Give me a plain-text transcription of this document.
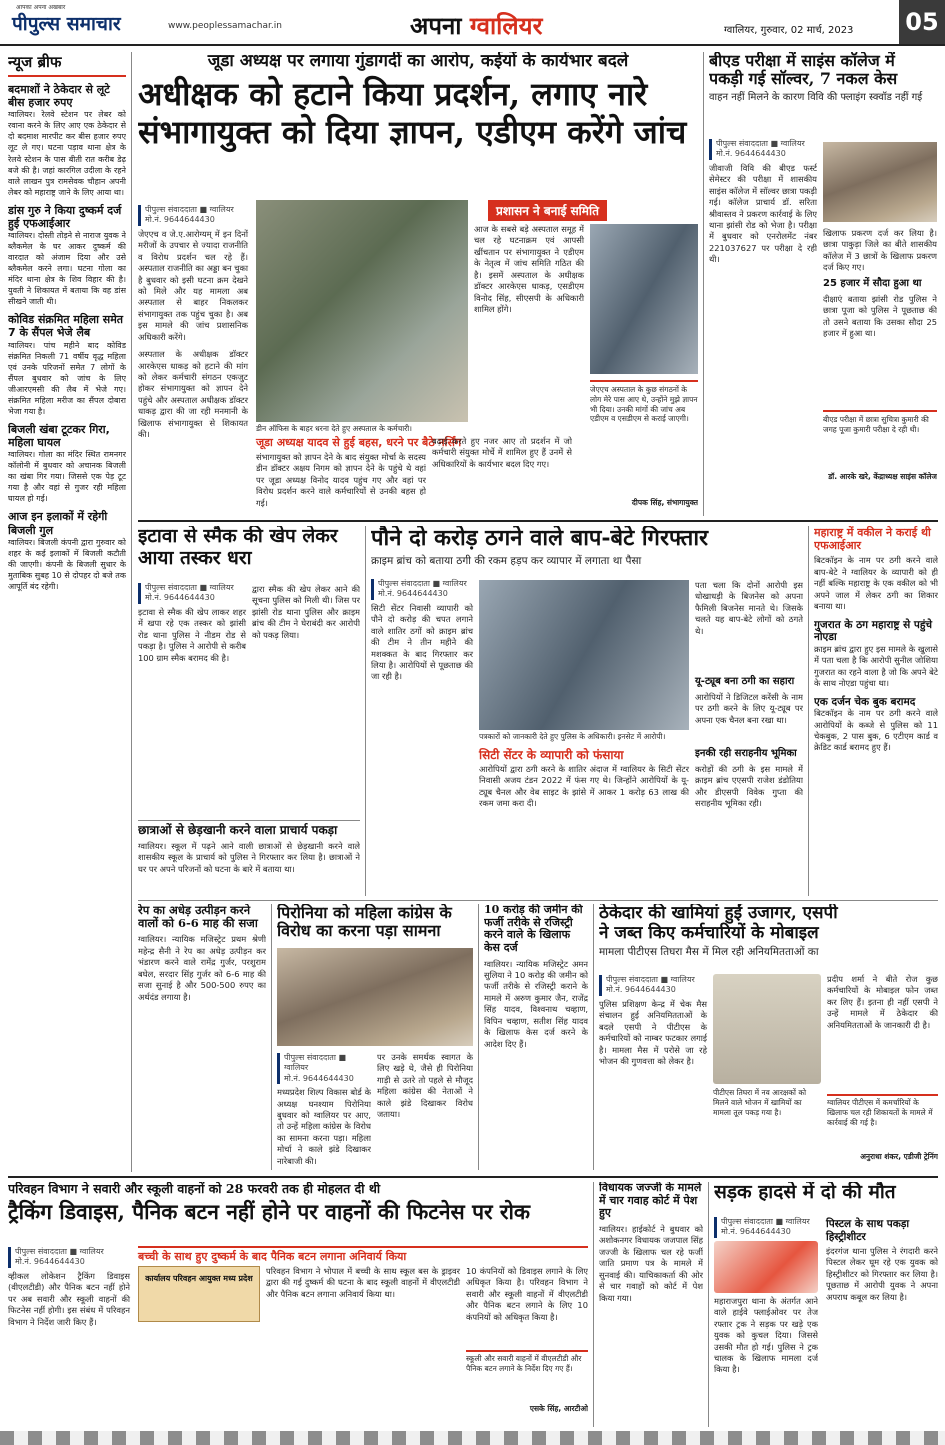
आपका अपना अखबार
पीपुल्स समाचार	www.peoplessamachar.in	अपना ग्वालियर	ग्वालियर, गुरुवार, 02 मार्च, 2023 05
न्यूज ब्रीफ
बदमाशों ने ठेकेदार से लूटे बीस हजार रुपए
ग्वालियर। रेलवे स्टेशन पर लेबर को रवाना करने के लिए आए एक ठेकेदार से दो बदमाश मारपीट कर बीस हजार रुपए लूट ले गए। घटना पड़ाव थाना क्षेत्र के रेलवे स्टेशन के पास बीती रात करीब डेढ़ बजे की है। जहां कारगिल उदीला के रहने वाले लाखन पुत्र रामसेवक चौहान अपनी लेबर को महाराष्ट्र जाने के लिए आया था।
डांस गुरु ने किया दुष्कर्म दर्ज हुई एफआईआर
ग्वालियर। दोस्ती तोड़ने से नाराज युवक ने ब्लैकमेल के घर आकर दुष्कर्म की वारदात को अंजाम दिया और उसे ब्लैकमेल करने लगा। घटना गोला का मंदिर थाना क्षेत्र के शिव विहार की है। युवती ने शिकायत में बताया कि वह डांस सीखने जाती थी।
कोविड संक्रमित महिला समेत 7 के सैंपल भेजे लैब
ग्वालियर। पांच महीने बाद कोविड संक्रमित निकली 71 वर्षीय वृद्ध महिला एवं उनके परिजनों समेत 7 लोगों के सैंपल बुधवार को जांच के लिए जीआरएमसी की लैब में भेजे गए। संक्रमित महिला मरीज का सैंपल दोबारा भेजा गया है।
बिजली खंबा टूटकर गिरा, महिला घायल
ग्वालियर। गोला का मंदिर स्थित रामनगर कॉलोनी में बुधवार को अचानक बिजली का खंबा गिर गया। जिससे एक पेड़ टूट गया है और वहां से गुजर रही महिला घायल हो गई।
आज इन इलाकों में रहेगी बिजली गुल
ग्वालियर। बिजली कंपनी द्वारा गुरुवार को शहर के कई इलाकों में बिजली कटौती की जाएगी। कंपनी के बिजली सुधार के मुताबिक सुबह 10 से दोपहर दो बजे तक आपूर्ति बंद रहेगी।
जूडा अध्यक्ष पर लगाया गुंडागर्दी का आरोप, कईयों के कार्यभार बदले
अधीक्षक को हटाने किया प्रदर्शन, लगाए नारे
संभागायुक्त को दिया ज्ञापन, एडीएम करेंगे जांच
पीपुल्स संवाददाता ■ ग्वालियर
मो.नं. 9644644430
जेएएच व जे.ए.आरोग्यम् में इन दिनों मरीजों के उपचार से ज्यादा राजनीति व विरोध प्रदर्शन चल रहे हैं। अस्पताल राजनीति का अड्डा बन चुका है बुधवार को इसी घटना क्रम देखने को मिले और यह मामला अब अस्पताल से बाहर निकलकर संभागायुक्त तक पहुंच चुका है। अब इस मामले की जांच प्रशासनिक अधिकारी करेंगे।
अस्पताल के अधीक्षक डॉक्टर आरकेएस धाकड़ को हटाने की मांग को लेकर कर्मचारी संगठन एकजुट होकर संभागायुक्त को ज्ञापन देने पहुंचे और अस्पताल अधीक्षक डॉक्टर धाकड़ द्वारा की जा रही मनमानी के खिलाफ संभागायुक्त से शिकायत की।
डीन ऑफिस के बाहर धरना देते हुए अस्पताल के कर्मचारी।
प्रशासन ने बनाई समिति
आज के सबसे बड़े अस्पताल समूह में चल रहे घटनाक्रम एवं आपसी खींचतान पर संभागायुक्त ने एडीएम के नेतृत्व में जांच समिति गठित की है। इसमें अस्पताल के अधीक्षक डॉक्टर आरकेएस धाकड़, एसडीएम विनोद सिंह, सीएसपी के अधिकारी शामिल होंगे।
जूडा अध्यक्ष यादव से हुई बहस, धरने पर बैठे नर्सिंग
संभागायुक्त को ज्ञापन देने के बाद संयुक्त मोर्चा के सदस्य डीन डॉक्टर अक्षय निगम को ज्ञापन देने के पहुंचे थे वहां पर जूडा अध्यक्ष विनोद यादव पहुंच गए और वहां पर विरोध प्रदर्शन करने वाले कर्मचारियों से उनकी बहस हो गई।
बढ़ाई करते हुए नजर आए तो प्रदर्शन में जो कर्मचारी संयुक्त मोर्चे में शामिल हुए हैं उनमें से अधिकारियों के कार्यभार बदल दिए गए।
जेएएच अस्पताल के कुछ संगठनों के लोग मेरे पास आए थे, उन्होंने मुझे ज्ञापन भी दिया। उनकी मांगों की जांच अब एडीएम व एसडीएम से कराई जाएगी।
दीपक सिंह, संभागायुक्त
बीएड परीक्षा में साइंस कॉलेज में
पकड़ी गई सॉल्वर, 7 नकल केस
वाहन नहीं मिलने के कारण विवि की फ्लाइंग स्क्वॉड नहीं गई
पीपुल्स संवाददाता ■ ग्वालियर
मो.नं. 9644644430
जीवाजी विवि की बीएड फर्स्ट सेमेस्टर की परीक्षा में शासकीय साइंस कॉलेज में सॉल्वर छात्रा पकड़ी गई। कॉलेज प्राचार्य डॉ. सरिता श्रीवास्तव ने प्रकरण कार्रवाई के लिए थाना झांसी रोड को भेजा है। परीक्षा में बुधवार को एनरोलमेंट नंबर 221037627 पर परीक्षा दे रही थी।
खिलाफ प्रकरण दर्ज कर लिया है। छात्रा पाकुड़ा जिले का बीते शासकीय कॉलेज में 3 छात्रों के खिलाफ प्रकरण दर्ज किए गए।
25 हजार में सौदा हुआ था
दीक्षाएं बताया झांसी रोड पुलिस ने छात्रा पूजा को पुलिस ने पूछताछ की तो उसने बताया कि उसका सौदा 25 हजार में हुआ था।
बीएड परीक्षा में छात्रा सुचित्रा कुमारी की जगह पूजा कुमारी परीक्षा दे रही थी।
डॉ. आरके खरे, केंद्राध्यक्ष साइंस कॉलेज
इटावा से स्मैक की खेप लेकर आया तस्कर धरा
पीपुल्स संवाददाता ■ ग्वालियर
मो.नं. 9644644430
इटावा से स्मैक की खेप लाकर शहर में खपा रहे एक तस्कर को झांसी रोड थाना पुलिस ने नीडम रोड से पकड़ा है। पुलिस ने आरोपी से करीब 100 ग्राम स्मैक बरामद की है।
द्वारा स्मैक की खेप लेकर आने की सूचना पुलिस को मिली थी। जिस पर झांसी रोड थाना पुलिस और क्राइम ब्रांच की टीम ने घेराबंदी कर आरोपी को पकड़ लिया।
छात्राओं से छेड़खानी करने वाला प्राचार्य पकड़ा
ग्वालियर। स्कूल में पढ़ने आने वाली छात्राओं से छेड़खानी करने वाले शासकीय स्कूल के प्राचार्य को पुलिस ने गिरफ्तार कर लिया है। छात्राओं ने घर पर अपने परिजनों को घटना के बारे में बताया था।
पौने दो करोड़ ठगने वाले बाप-बेटे गिरफ्तार
क्राइम ब्रांच को बताया ठगी की रकम हड़प कर व्यापार में लगाता था पैसा
पीपुल्स संवाददाता ■ ग्वालियर
मो.नं. 9644644430
सिटी सेंटर निवासी व्यापारी को पौने दो करोड़ की चपत लगाने वाले शातिर ठगों को क्राइम ब्रांच की टीम ने तीन महीने की मशक्कत के बाद गिरफ्तार कर लिया है। आरोपियों से पूछताछ की जा रही है।
पत्रकारों को जानकारी देते हुए पुलिस के अधिकारी। इनसेट में आरोपी।
सिटी सेंटर के व्यापारी को फंसाया
आरोपियों द्वारा ठगी करने के शातिर अंदाज में ग्वालियर के सिटी सेंटर निवासी अजय टंडन 2022 में फंस गए थे। जिन्होंने आरोपियों के यू-ट्यूब चैनल और वेब साइट के झांसे में आकर 1 करोड़ 63 लाख की रकम जमा करा दी।
पता चला कि दोनों आरोपी इस धोखाधड़ी के बिजनेस को अपना फैमिली बिजनेस मानते थे। जिसके चलते यह बाप-बेटे लोगों को ठगते थे।
यू-ट्यूब बना ठगी का सहारा
आरोपियों ने डिजिटल करेंसी के नाम पर ठगी करने के लिए यू-ट्यूब पर अपना एक चैनल बना रखा था।
इनकी रही सराहनीय भूमिका
करोड़ों की ठगी के इस मामले में क्राइम ब्रांच एएसपी राजेश डंडोतिया और डीएसपी विवेक गुप्ता की सराहनीय भूमिका रही।
महाराष्ट्र में वकील ने कराई थी एफआईआर
बिटकॉइन के नाम पर ठगी करने वाले बाप-बेटे ने ग्वालियर के व्यापारी को ही नहीं बल्कि महाराष्ट्र के एक वकील को भी अपने जाल में लेकर ठगी का शिकार बनाया था।
गुजरात के ठग महाराष्ट्र से पहुंचे नोएडा
क्राइम ब्रांच द्वारा हुए इस मामले के खुलासे में पता चला है कि आरोपी सुनील जोशिया गुजरात का रहने वाला है जो कि अपने बेटे के साथ नोएडा पहुंचा था।
एक दर्जन चेक बुक बरामद
बिटकॉइन के नाम पर ठगी करने वाले आरोपियों के कब्जे से पुलिस को 11 चेकबुक, 2 पास बुक, 6 एटीएम कार्ड व क्रेडिट कार्ड बरामद हुए हैं।
रेप का अधेड़ उत्पीड़न करने वालों को 6-6 माह की सजा
ग्वालियर। न्यायिक मजिस्ट्रेट प्रथम श्रेणी महेन्द्र सैनी ने रेप का अधेड़ उत्पीड़न कर भंडारण करने वाले रामेंद्र गुर्जर, परशुराम बघेल, सरदार सिंह गुर्जर को 6-6 माह की सजा सुनाई है और 500-500 रुपए का अर्थदंड लगाया है।
पिरोनिया को महिला कांग्रेस के
विरोध का करना पड़ा सामना
पीपुल्स संवाददाता ■ ग्वालियर
मो.नं. 9644644430
मध्यप्रदेश शिल्प विकास बोर्ड के अध्यक्ष घनश्याम पिरोनिया बुधवार को ग्वालियर पर आए, तो उन्हें महिला कांग्रेस के विरोध का सामना करना पड़ा। महिला मोर्चा ने काले झंडे दिखाकर नारेबाजी की।
पर उनके समर्थक स्वागत के लिए खड़े थे, जैसे ही पिरोनिया गाड़ी से उतरे तो पहले से मौजूद महिला कांग्रेस की नेताओं ने काले झंडे दिखाकर विरोध जताया।
10 करोड़ की जमीन की फर्जी तरीके से रजिस्ट्री करने वाले के खिलाफ केस दर्ज
ग्वालियर। न्यायिक मजिस्ट्रेट अमन सुलिया ने 10 करोड़ की जमीन को फर्जी तरीके से रजिस्ट्री कराने के मामले में अरुण कुमार जैन, राजेंद्र सिंह यादव, विश्वनाथ चव्हाण, विपिन चव्हाण, सतीश सिंह यादव के खिलाफ केस दर्ज करने के आदेश दिए हैं।
ठेकेदार की खामियां हुईं उजागर, एसपी
ने जब्त किए कर्मचारियों के मोबाइल
मामला पीटीएस तिघरा मैस में मिल रही अनियमितताओं का
पीपुल्स संवाददाता ■ ग्वालियर
मो.नं. 9644644430
पुलिस प्रशिक्षण केन्द्र में चेक मैस संचालन हुई अनियमितताओं के बदले एसपी ने पीटीएस के कर्मचारियों को नाम्बर फटकार लगाई है। मामला मैस में परोसे जा रहे भोजन की गुणवत्ता को लेकर है।
पीटीएस तिघरा में नव आरक्षकों को मिलने वाले भोजन में खामियों का मामला तूल पकड़ गया है।
प्रदीप शर्मा ने बीते रोज कुछ कर्मचारियों के मोबाइल फोन जब्त कर लिए हैं। इतना ही नहीं एसपी ने उन्हें मामले में ठेकेदार की अनियमितताओं के जानकारी दी है।
ग्वालियर पीटीएस में कमर्चारियों के खिलाफ चल रही शिकायतों के मामले में कार्रवाई की गई है।
अनुराधा शंकर, एडीजी ट्रेनिंग
परिवहन विभाग ने सवारी और स्कूली वाहनों को 28 फरवरी तक ही मोहलत दी थी
ट्रैकिंग डिवाइस, पैनिक बटन नहीं होने पर वाहनों की फिटनेस पर रोक
पीपुल्स संवाददाता ■ ग्वालियर
मो.नं. 9644644430
व्हीकल लोकेशन ट्रैकिंग डिवाइस (वीएलटीडी) और पैनिक बटन नहीं होने पर अब सवारी और स्कूली वाहनों की फिटनेस नहीं होगी। इस संबंध में परिवहन विभाग ने निर्देश जारी किए हैं।
बच्ची के साथ हुए दुष्कर्म के बाद पैनिक बटन लगाना अनिवार्य किया
कार्यालय परिवहन आयुक्त मध्य प्रदेश
परिवहन विभाग ने भोपाल में बच्ची के साथ स्कूल बस के ड्राइवर द्वारा की गई दुष्कर्म की घटना के बाद स्कूली वाहनों में वीएलटीडी और पैनिक बटन लगाना अनिवार्य किया था।
10 कंपनियों को डिवाइस लगाने के लिए अधिकृत किया है। परिवहन विभाग ने सवारी और स्कूली वाहनों में वीएलटीडी और पैनिक बटन लगाने के लिए 10 कंपनियों को अधिकृत किया है।
स्कूली और सवारी वाहनों में वीएलटीडी और पैनिक बटन लगाने के निर्देश दिए गए हैं।
एसके सिंह, आरटीओ
विधायक जज्जी के मामले में चार गवाह कोर्ट में पेश हुए
ग्वालियर। हाईकोर्ट ने बुधवार को अशोकनगर विधायक जजपाल सिंह जज्जी के खिलाफ चल रहे फर्जी जाति प्रमाण पत्र के मामले में सुनवाई की। याचिकाकर्ता की ओर से चार गवाहों को कोर्ट में पेश किया गया।
सड़क हादसे में दो की मौत
पीपुल्स संवाददाता ■ ग्वालियर
मो.नं. 9644644430
महाराजपुरा थाना के अंतर्गत आने वाले हाईवे फ्लाईओवर पर तेज रफ्तार ट्रक ने सड़क पर खड़े एक युवक को कुचल दिया। जिससे उसकी मौत हो गई। पुलिस ने ट्रक चालक के खिलाफ मामला दर्ज किया है।
पिस्टल के साथ पकड़ा हिस्ट्रीशीटर
इंदरगंज थाना पुलिस ने रंगदारी करने पिस्टल लेकर घूम रहे एक युवक को हिस्ट्रीशीटर को गिरफ्तार कर लिया है। पूछताछ में आरोपी युवक ने अपना अपराध कबूल कर लिया है।
